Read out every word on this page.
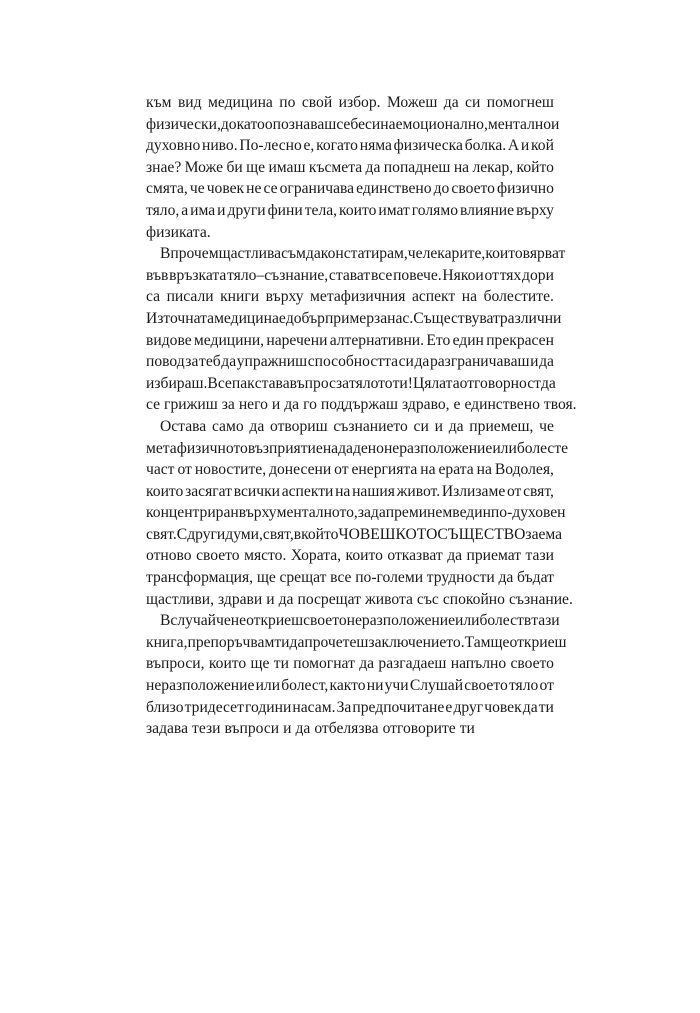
към вид медицина по свой избор. Можеш да си помогнеш
физически, докато опознаваш себе си на емоционално, ментално и
духовно ниво. По-лесно е, когато няма физическа болка. А и кой
знае? Може би ще имаш късмета да попаднеш на лекар, който
смята, че човек не се ограничава единствено до своето физично
тяло, а има и други фини тела, които имат голямо влияние върху
физиката.
Впрочем щастлива съм да констатирам, че лекарите, които вярват
във връзката тяло–съзнание, стават все повече. Някои от тях дори
са писали книги върху метафизичния аспект на болестите.
Източната медицина е добър пример за нас. Съществуват различни
видове медицини, наречени алтернативни. Ето един прекрасен
повод за теб да упражниш способността си да разграничаваш и да
избираш. Все пак става въпрос за тялото ти! Цялата отговорност да
се грижиш за него и да го поддържаш здраво, е единствено твоя.
Остава само да отвориш съзнанието си и да приемеш, че
метафизичното възприятие на дадено неразположение или болест е
част от новостите, донесени от енергията на ерата на Водолея,
които засягат всички аспекти на нашия живот. Излизаме от свят,
концентриран върху менталното, за да преминем в един по-духовен
свят. С други думи, свят, в който ЧОВЕШКОТО СЪЩЕСТВО заема
отново своето място. Хората, които отказват да приемат тази
трансформация, ще срещат все по-големи трудности да бъдат
щастливи, здрави и да посрещат живота със спокойно съзнание.
В случай че не откриеш своето неразположение или болест в тази
книга, препоръчвам ти да прочетеш заключението. Там ще откриеш
въпроси, които ще ти помогнат да разгадаеш напълно своето
неразположение или болест, както ни учи Слушай своето тяло от
близо тридесет години насам. За предпочитане е друг човек да ти
задава тези въпроси и да отбелязва отговорите ти
